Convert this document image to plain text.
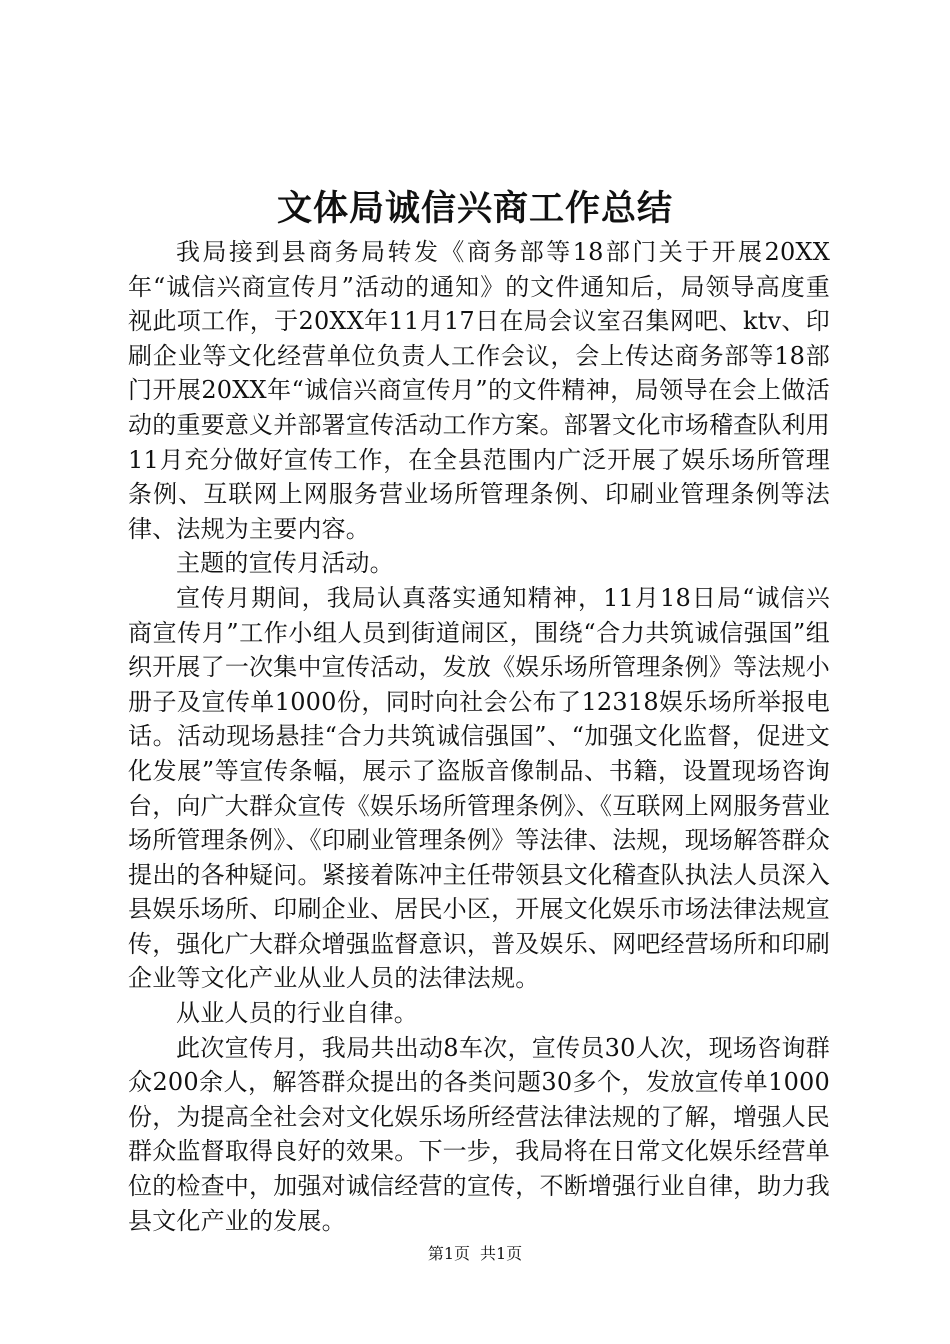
文体局诚信兴商工作总结

我局接到县商务局转发《商务部等18部门关于开展20XX年“诚信兴商宣传月”活动的通知》的文件通知后，局领导高度重视此项工作，于20XX年11月17日在局会议室召集网吧、ktv、印刷企业等文化经营单位负责人工作会议，会上传达商务部等18部门开展20XX年“诚信兴商宣传月”的文件精神，局领导在会上做活动的重要意义并部署宣传活动工作方案。部署文化市场稽查队利用11月充分做好宣传工作，在全县范围内广泛开展了娱乐场所管理条例、互联网上网服务营业场所管理条例、印刷业管理条例等法律、法规为主要内容。

主题的宣传月活动。

宣传月期间，我局认真落实通知精神，11月18日局“诚信兴商宣传月”工作小组人员到街道闹区，围绕“合力共筑诚信强国”组织开展了一次集中宣传活动，发放《娱乐场所管理条例》等法规小册子及宣传单1000份，同时向社会公布了12318娱乐场所举报电话。活动现场悬挂“合力共筑诚信强国”、“加强文化监督，促进文化发展”等宣传条幅，展示了盗版音像制品、书籍，设置现场咨询台，向广大群众宣传《娱乐场所管理条例》、《互联网上网服务营业场所管理条例》、《印刷业管理条例》等法律、法规，现场解答群众提出的各种疑问。紧接着陈冲主任带领县文化稽查队执法人员深入县娱乐场所、印刷企业、居民小区，开展文化娱乐市场法律法规宣传，强化广大群众增强监督意识，普及娱乐、网吧经营场所和印刷企业等文化产业从业人员的法律法规。

从业人员的行业自律。

此次宣传月，我局共出动8车次，宣传员30人次，现场咨询群众200余人，解答群众提出的各类问题30多个，发放宣传单1000份，为提高全社会对文化娱乐场所经营法律法规的了解，增强人民群众监督取得良好的效果。下一步，我局将在日常文化娱乐经营单位的检查中，加强对诚信经营的宣传，不断增强行业自律，助力我县文化产业的发展。

第1页 共1页
